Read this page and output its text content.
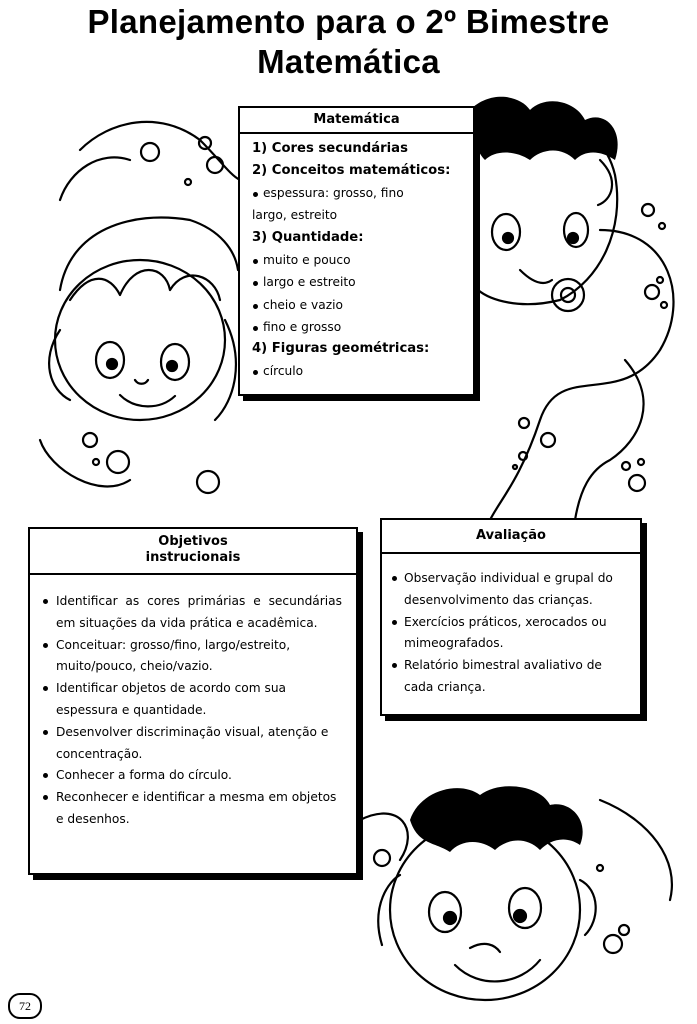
Planejamento para o 2º Bimestre
Matemática
Matemática
1) Cores secundárias
2) Conceitos matemáticos:
espessura: grosso, fino
largo, estreito
3) Quantidade:
muito e pouco
largo e estreito
cheio e vazio
fino e grosso
4) Figuras geométricas:
círculo
Objetivos
instrucionais
Identificar as cores primárias e secundárias em situações da vida prática e acadêmica.
Conceituar: grosso/fino, largo/estreito, muito/pouco, cheio/vazio.
Identificar objetos de acordo com sua espessura e quantidade.
Desenvolver discriminação visual, atenção e concentração.
Conhecer a forma do círculo.
Reconhecer e identificar a mesma em objetos e desenhos.
Avaliação
Observação individual e grupal do desenvolvimento das crianças.
Exercícios práticos, xerocados ou mimeografados.
Relatório bimestral avaliativo de cada criança.
72
